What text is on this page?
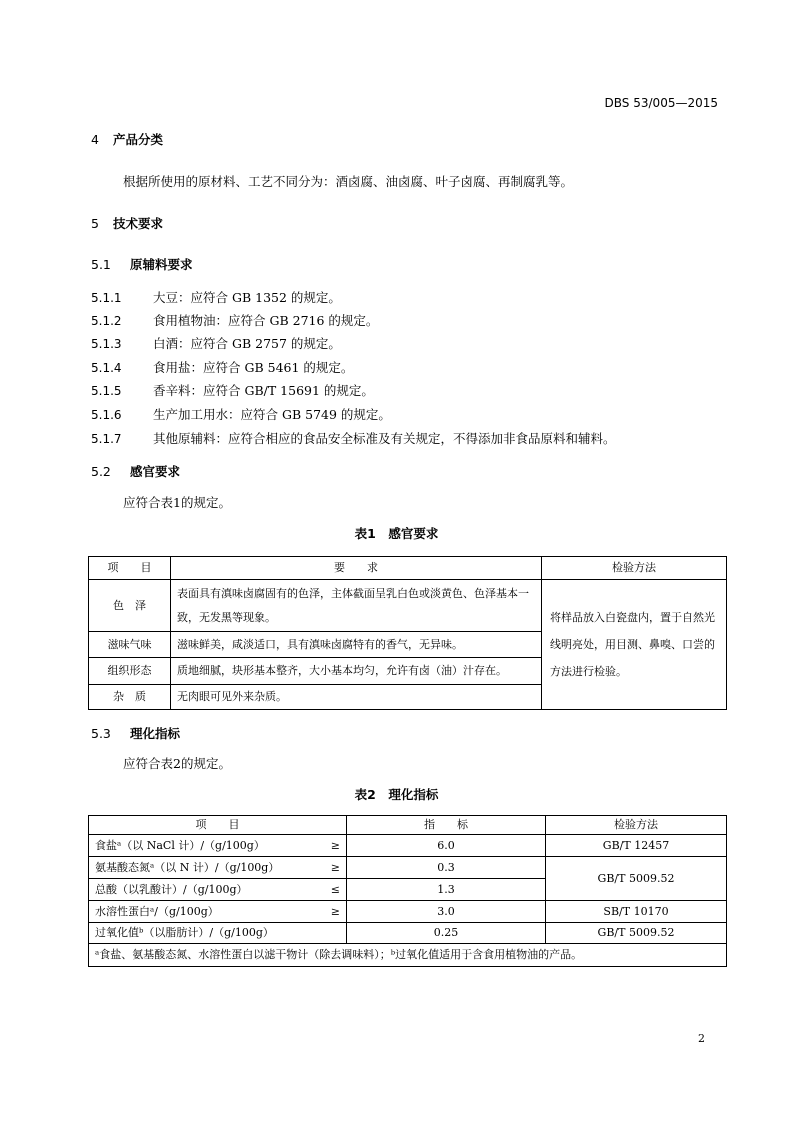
DBS 53/005—2015
4 产品分类
根据所使用的原材料、工艺不同分为：酒卤腐、油卤腐、叶子卤腐、再制腐乳等。
5 技术要求
5.1 原辅料要求
5.1.1	大豆：应符合 GB 1352 的规定。
5.1.2	食用植物油：应符合 GB 2716 的规定。
5.1.3	白酒：应符合 GB 2757 的规定。
5.1.4	食用盐：应符合 GB 5461 的规定。
5.1.5	香辛料：应符合 GB/T 15691 的规定。
5.1.6	生产加工用水：应符合 GB 5749 的规定。
5.1.7	其他原辅料：应符合相应的食品安全标准及有关规定，不得添加非食品原料和辅料。
5.2 感官要求
应符合表1的规定。
表1　感官要求
项　　目	要　　求	检验方法
色　泽	表面具有滇味卤腐固有的色泽，主体截面呈乳白色或淡黄色、色泽基本一致，无发黑等现象。	将样品放入白瓷盘内，置于自然光线明亮处，用目测、鼻嗅、口尝的方法进行检验。
滋味气味	滋味鲜美，咸淡适口，具有滇味卤腐特有的香气，无异味。	
组织形态	质地细腻，块形基本整齐，大小基本均匀，允许有卤（油）汁存在。	
杂　质	无肉眼可见外来杂质。	
5.3 理化指标
应符合表2的规定。
表2　理化指标
项　　目	指　　标	检验方法

食盐ᵃ（以 NaCl 计）/（g/100g） ≥	6.0	GB/T 12457

氨基酸态氮ᵃ（以 N 计）/（g/100g） ≥	0.3	GB/T 5009.52

总酸（以乳酸计）/（g/100g） ≤	1.3	

水溶性蛋白ᵃ/（g/100g） ≥	3.0	SB/T 10170

过氧化值ᵇ（以脂肪计）/（g/100g）	0.25	GB/T 5009.52
ᵃ食盐、氨基酸态氮、水溶性蛋白以滤干物计（除去调味料）；ᵇ过氧化值适用于含食用植物油的产品。		
2
